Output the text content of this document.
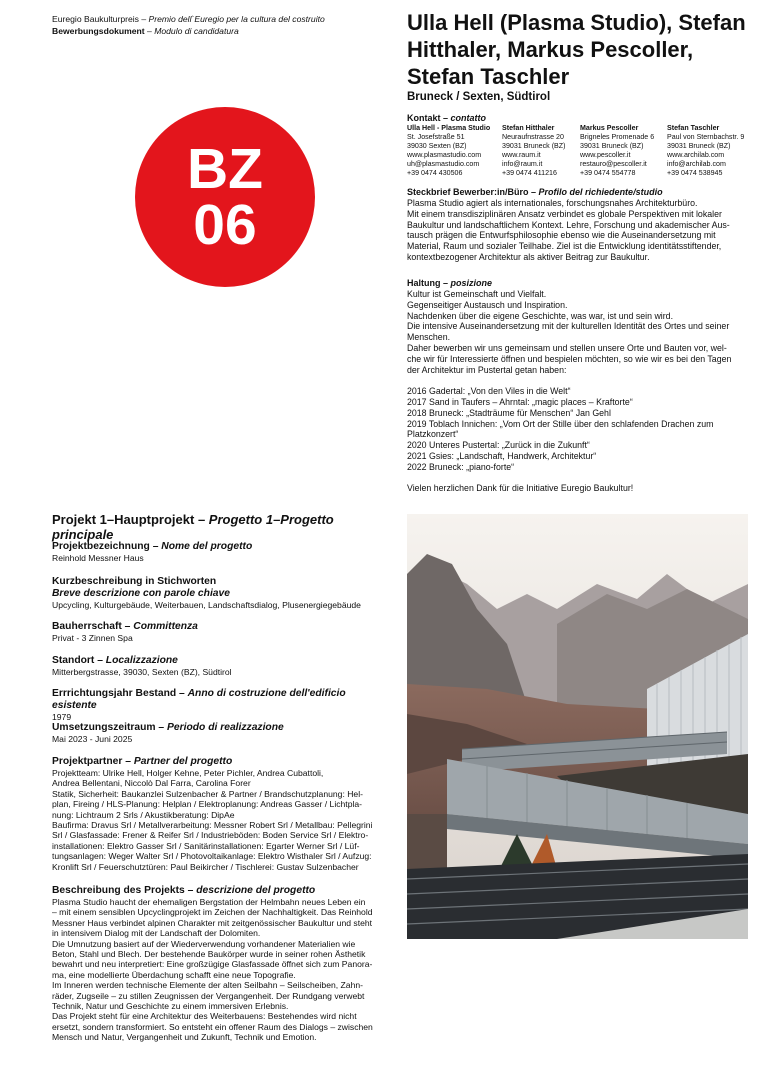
Euregio Baukulturpreis – Premio dell`Euregio per la cultura del costruito
Bewerbungsdokument – Modulo di candidatura
BZ
06
Ulla Hell (Plasma Studio), Stefan Hitthaler, Markus Pescoller, Stefan Taschler
Bruneck / Sexten, Südtirol
Kontakt – contatto
Ulla Hell - Plasma Studio
St. Josefstraße 51
39030 Sexten (BZ)
www.plasmastudio.com
uh@plasmastudio.com
+39 0474 430506
Stefan Hitthaler
Neuraufnstrasse 20
39031 Bruneck (BZ)
www.raum.it
info@raum.it
+39 0474 411216
Markus Pescoller
Brigneles Promenade 6
39031 Bruneck (BZ)
www.pescoller.it
restauro@pescoller.it
+39 0474 554778
Stefan Taschler
Paul von Sternbachstr. 9
39031 Bruneck (BZ)
www.archilab.com
info@archilab.com
+39 0474 538945
Steckbrief Bewerber:in/Büro – Profilo del richiedente/studio
Plasma Studio agiert als internationales, forschungsnahes Architekturbüro.
Mit einem transdisziplinären Ansatz verbindet es globale Perspektiven mit lokaler
Baukultur und landschaftlichem Kontext. Lehre, Forschung und akademischer Aus-
tausch prägen die Entwurfsphilosophie ebenso wie die Auseinandersetzung mit
Material, Raum und sozialer Teilhabe. Ziel ist die Entwicklung identitätsstiftender,
kontextbezogener Architektur als aktiver Beitrag zur Baukultur.
Haltung – posizione
Kultur ist Gemeinschaft und Vielfalt.
Gegenseitiger Austausch und Inspiration.
Nachdenken über die eigene Geschichte, was war, ist und sein wird.
Die intensive Auseinandersetzung mit der kulturellen Identität des Ortes und seiner
Menschen.
Daher bewerben wir uns gemeinsam und stellen unsere Orte und Bauten vor, wel-
che wir für Interessierte öffnen und bespielen möchten, so wie wir es bei den Tagen
der Architektur im Pustertal getan haben:
2016 Gadertal: „Von den Viles in die Welt“
2017 Sand in Taufers – Ahrntal: „magic places – Kraftorte“
2018 Bruneck: „Stadträume für Menschen“ Jan Gehl
2019 Toblach Innichen: „Vom Ort der Stille über den schlafenden Drachen zum
Platzkonzert“
2020 Unteres Pustertal: „Zurück in die Zukunft“
2021 Gsies: „Landschaft, Handwerk, Architektur“
2022 Bruneck: „piano-forte“
Vielen herzlichen Dank für die Initiative Euregio Baukultur!
Projekt 1–Hauptprojekt – Progetto 1–Progetto principale
Projektbezeichnung – Nome del progetto
Reinhold Messner Haus
Kurzbeschreibung in Stichworten
Breve descrizione con parole chiave
Upcycling, Kulturgebäude, Weiterbauen, Landschaftsdialog, Plusenergiegebäude
Bauherrschaft – Committenza
Privat - 3 Zinnen Spa
Standort – Localizzazione
Mitterbergstrasse, 39030, Sexten (BZ), Südtirol
Errrichtungsjahr Bestand – Anno di costruzione dell'edificio esistente
1979
Umsetzungszeitraum – Periodo di realizzazione
Mai 2023 - Juni 2025
Projektpartner – Partner del progetto
Projektteam: Ulrike Hell, Holger Kehne, Peter Pichler, Andrea Cubattoli,
Andrea Bellentani, Niccolò Dal Farra, Carolina Forer
Statik, Sicherheit: Baukanzlei Sulzenbacher & Partner / Brandschutzplanung: Hel-
plan, Fireing / HLS-Planung: Helplan / Elektroplanung: Andreas Gasser / Lichtpla-
nung: Lichtraum 2 Srls / Akustikberatung: DipAe
Baufirma: Dravus Srl / Metallverarbeitung: Messner Robert Srl / Metallbau: Pellegrini
Srl / Glasfassade: Frener & Reifer Srl / Industrieböden: Boden Service Srl / Elektro-
installationen: Elektro Gasser Srl / Sanitärinstallationen: Egarter Werner Srl / Lüf-
tungsanlagen: Weger Walter Srl / Photovoltaikanlage: Elektro Wisthaler Srl / Aufzug:
Kronlift Srl / Feuerschutztüren: Paul Beikircher / Tischlerei: Gustav Sulzenbacher
Beschreibung des Projekts – descrizione del progetto
Plasma Studio haucht der ehemaligen Bergstation der Helmbahn neues Leben ein
– mit einem sensiblen Upcyclingprojekt im Zeichen der Nachhaltigkeit. Das Reinhold
Messner Haus verbindet alpinen Charakter mit zeitgenössischer Baukultur und steht
in intensivem Dialog mit der Landschaft der Dolomiten.
Die Umnutzung basiert auf der Wiederverwendung vorhandener Materialien wie
Beton, Stahl und Blech. Der bestehende Baukörper wurde in seiner rohen Ästhetik
bewahrt und neu interpretiert: Eine großzügige Glasfassade öffnet sich zum Panora-
ma, eine modellierte Überdachung schafft eine neue Topografie.
Im Inneren werden technische Elemente der alten Seilbahn – Seilscheiben, Zahn-
räder, Zugseile – zu stillen Zeugnissen der Vergangenheit. Der Rundgang verwebt
Technik, Natur und Geschichte zu einem immersiven Erlebnis.
Das Projekt steht für eine Architektur des Weiterbauens: Bestehendes wird nicht
ersetzt, sondern transformiert. So entsteht ein offener Raum des Dialogs – zwischen
Mensch und Natur, Vergangenheit und Zukunft, Technik und Emotion.
